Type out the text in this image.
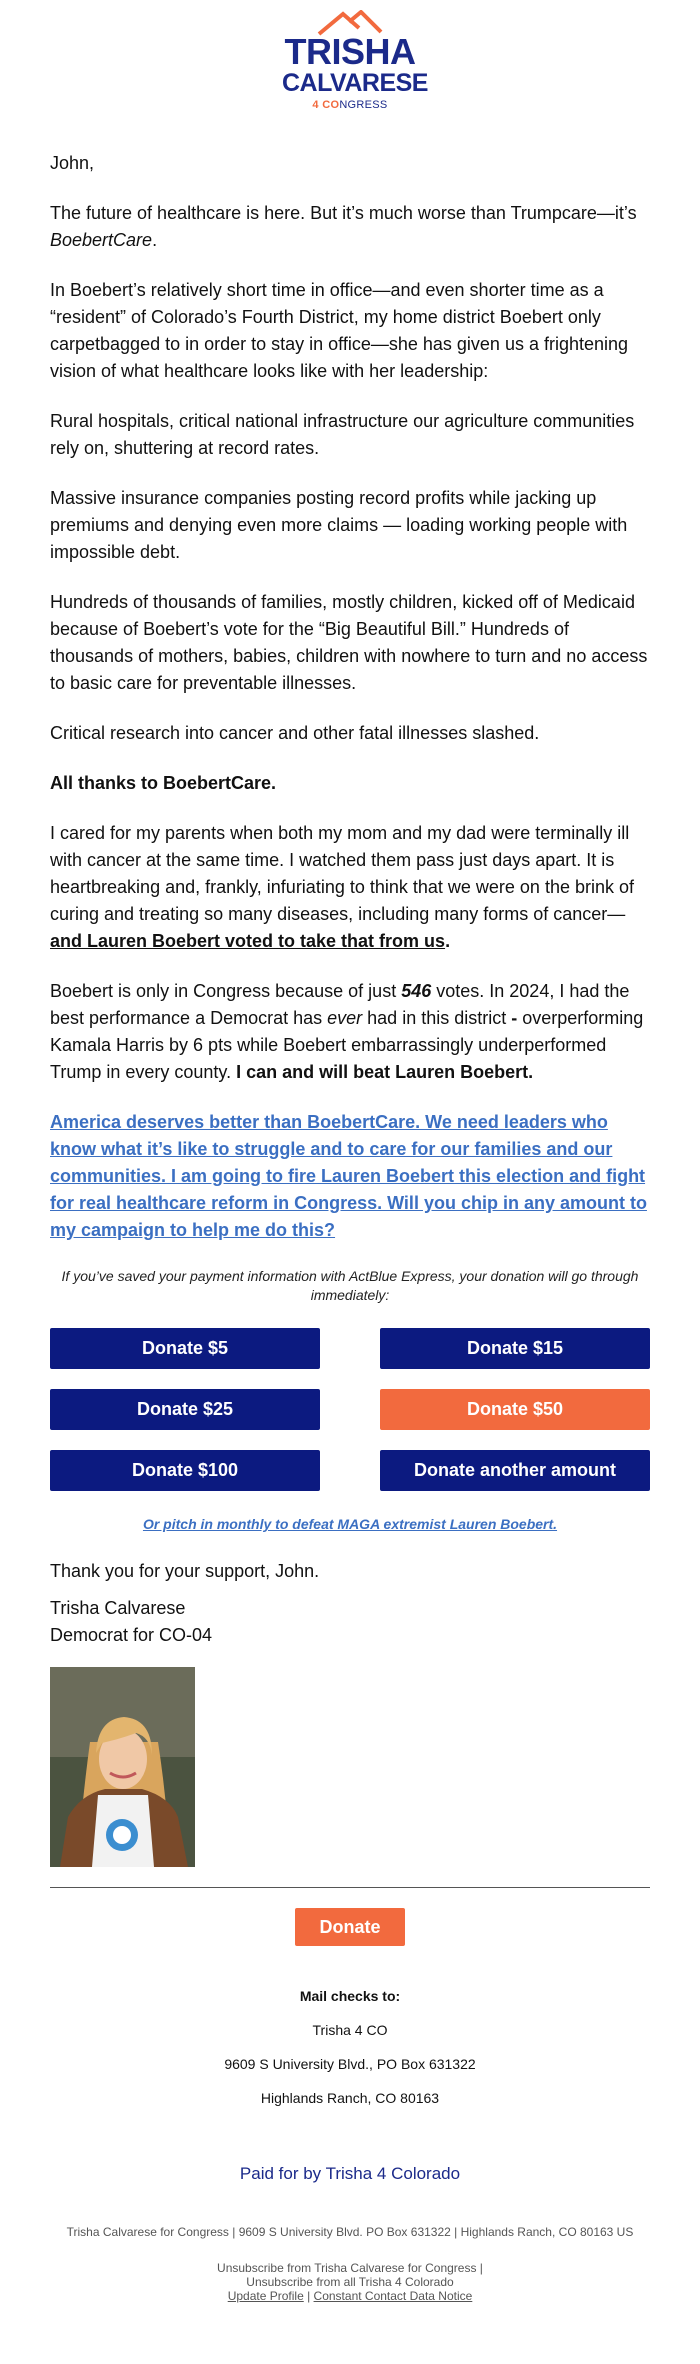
TRISHA
CALVARESE
4 CONGRESS

John,

The future of healthcare is here. But it’s much worse than Trumpcare—it’s BoebertCare.

In Boebert’s relatively short time in office—and even shorter time as a “resident” of Colorado’s Fourth District, my home district Boebert only carpetbagged to in order to stay in office—she has given us a frightening vision of what healthcare looks like with her leadership:

Rural hospitals, critical national infrastructure our agriculture communities rely on, shuttering at record rates.

Massive insurance companies posting record profits while jacking up premiums and denying even more claims — loading working people with impossible debt.

Hundreds of thousands of families, mostly children, kicked off of Medicaid because of Boebert’s vote for the “Big Beautiful Bill.” Hundreds of thousands of mothers, babies, children with nowhere to turn and no access to basic care for preventable illnesses.

Critical research into cancer and other fatal illnesses slashed.

All thanks to BoebertCare.

I cared for my parents when both my mom and my dad were terminally ill with cancer at the same time. I watched them pass just days apart. It is heartbreaking and, frankly, infuriating to think that we were on the brink of curing and treating so many diseases, including many forms of cancer—and Lauren Boebert voted to take that from us.

Boebert is only in Congress because of just 546 votes. In 2024, I had the best performance a Democrat has ever had in this district - overperforming Kamala Harris by 6 pts while Boebert embarrassingly underperformed Trump in every county. I can and will beat Lauren Boebert.

America deserves better than BoebertCare. We need leaders who know what it’s like to struggle and to care for our families and our communities. I am going to fire Lauren Boebert this election and fight for real healthcare reform in Congress. Will you chip in any amount to my campaign to help me do this?

If you’ve saved your payment information with ActBlue Express, your donation will go through immediately:

Donate $5	Donate $15
Donate $25	Donate $50
Donate $100	Donate another amount
Or pitch in monthly to defeat MAGA extremist Lauren Boebert.

Thank you for your support, John.

Trisha Calvarese
Democrat for CO-04
Donate
Mail checks to:
Trisha 4 CO
9609 S University Blvd., PO Box 631322
Highlands Ranch, CO 80163
Paid for by Trisha 4 Colorado
Trisha Calvarese for Congress | 9609 S University Blvd. PO Box 631322 | Highlands Ranch, CO 80163 US
Unsubscribe from Trisha Calvarese for Congress |
Unsubscribe from all Trisha 4 Colorado
Update Profile | Constant Contact Data Notice
